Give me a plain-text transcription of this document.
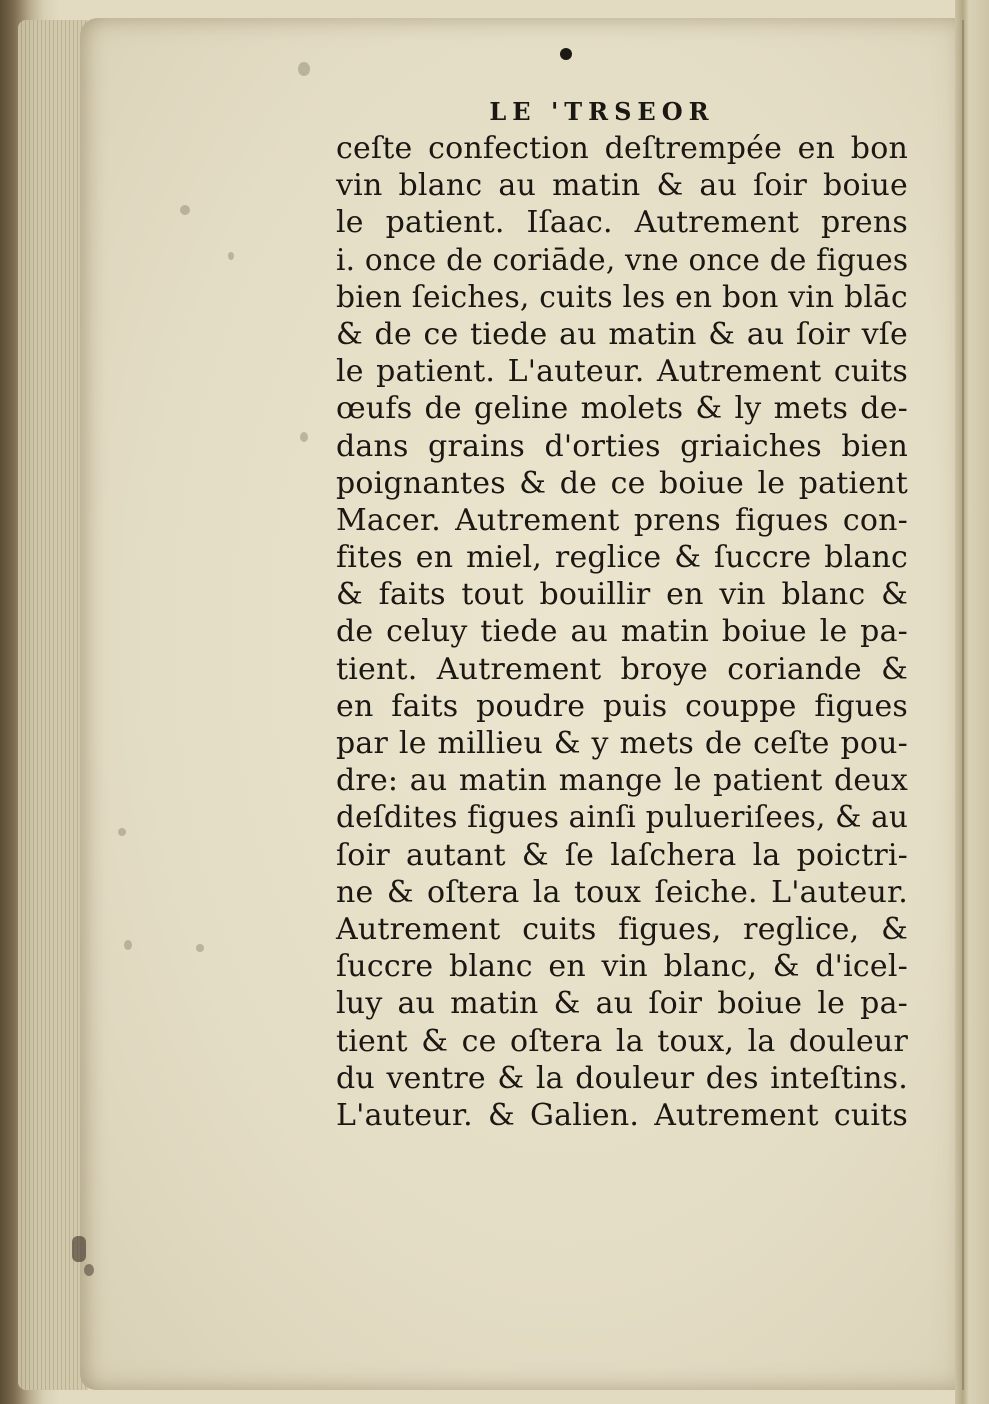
LE 'TRSEOR
ceſte confection deſtrempée en bon
vin blanc au matin & au ſoir boiue
le patient. Iſaac. Autrement prens
i. once de coriāde, vne once de figues
bien ſeiches, cuits les en bon vin blāc
& de ce tiede au matin & au ſoir vſe
le patient. L'auteur. Autrement cuits
œufs de geline molets & ly mets de-
dans grains d'orties griaiches bien
poignantes & de ce boiue le patient
Macer. Autrement prens figues con-
fites en miel, reglice & ſuccre blanc
& faits tout bouillir en vin blanc &
de celuy tiede au matin boiue le pa-
tient. Autrement broye coriande &
en faits poudre puis couppe figues
par le millieu & y mets de ceſte pou-
dre: au matin mange le patient deux
deſdites figues ainſi pulueriſees, & au
ſoir autant & ſe laſchera la poictri-
ne & oſtera la toux ſeiche. L'auteur.
Autrement cuits figues, reglice, &
ſuccre blanc en vin blanc, & d'icel-
luy au matin & au ſoir boiue le pa-
tient & ce oſtera la toux, la douleur
du ventre & la douleur des inteſtins.
L'auteur. & Galien. Autrement cuits
